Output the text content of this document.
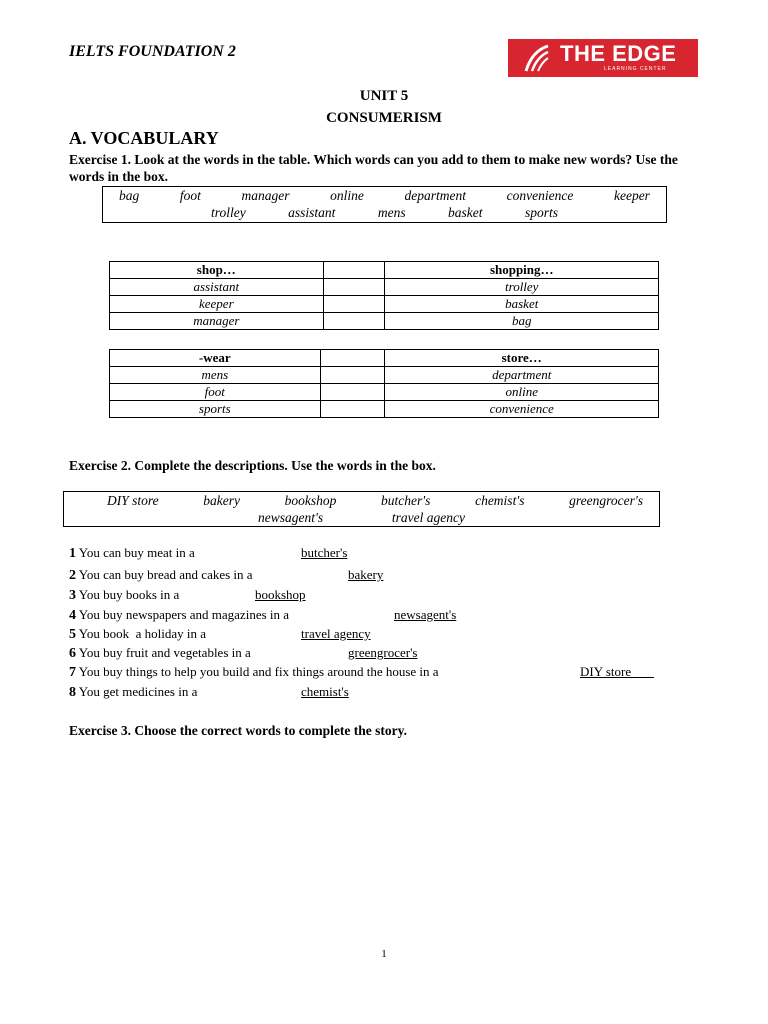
IELTS FOUNDATION 2	THE EDGE
LEARNING CENTER
UNIT 5
CONSUMERISM
A. VOCABULARY
Exercise 1. Look at the words in the table. Which words can you add to them to make new words? Use the words in the box.
bag	foot	manager	online	department	convenience	keeper
trolley	assistant	mens	basket	sports
shop…		shopping…
assistant		trolley
keeper		basket
manager		bag
-wear		store…
mens		department
foot		online
sports		convenience
Exercise 2. Complete the descriptions. Use the words in the box.
DIY store	bakery	bookshop	butcher's	chemist's	greengrocer's
newsagent's	travel agency
1 You can buy meat in a	butcher's
2 You can buy bread and cakes in a	bakery
3 You buy books in a	bookshop
4 You buy newspapers and magazines in a	newsagent's
5 You book  a holiday in a	travel agency
6 You buy fruit and vegetables in a	greengrocer's
7 You buy things to help you build and fix things around the house in a	DIY store
8 You get medicines in a	chemist's
Exercise 3. Choose the correct words to complete the story.
1
